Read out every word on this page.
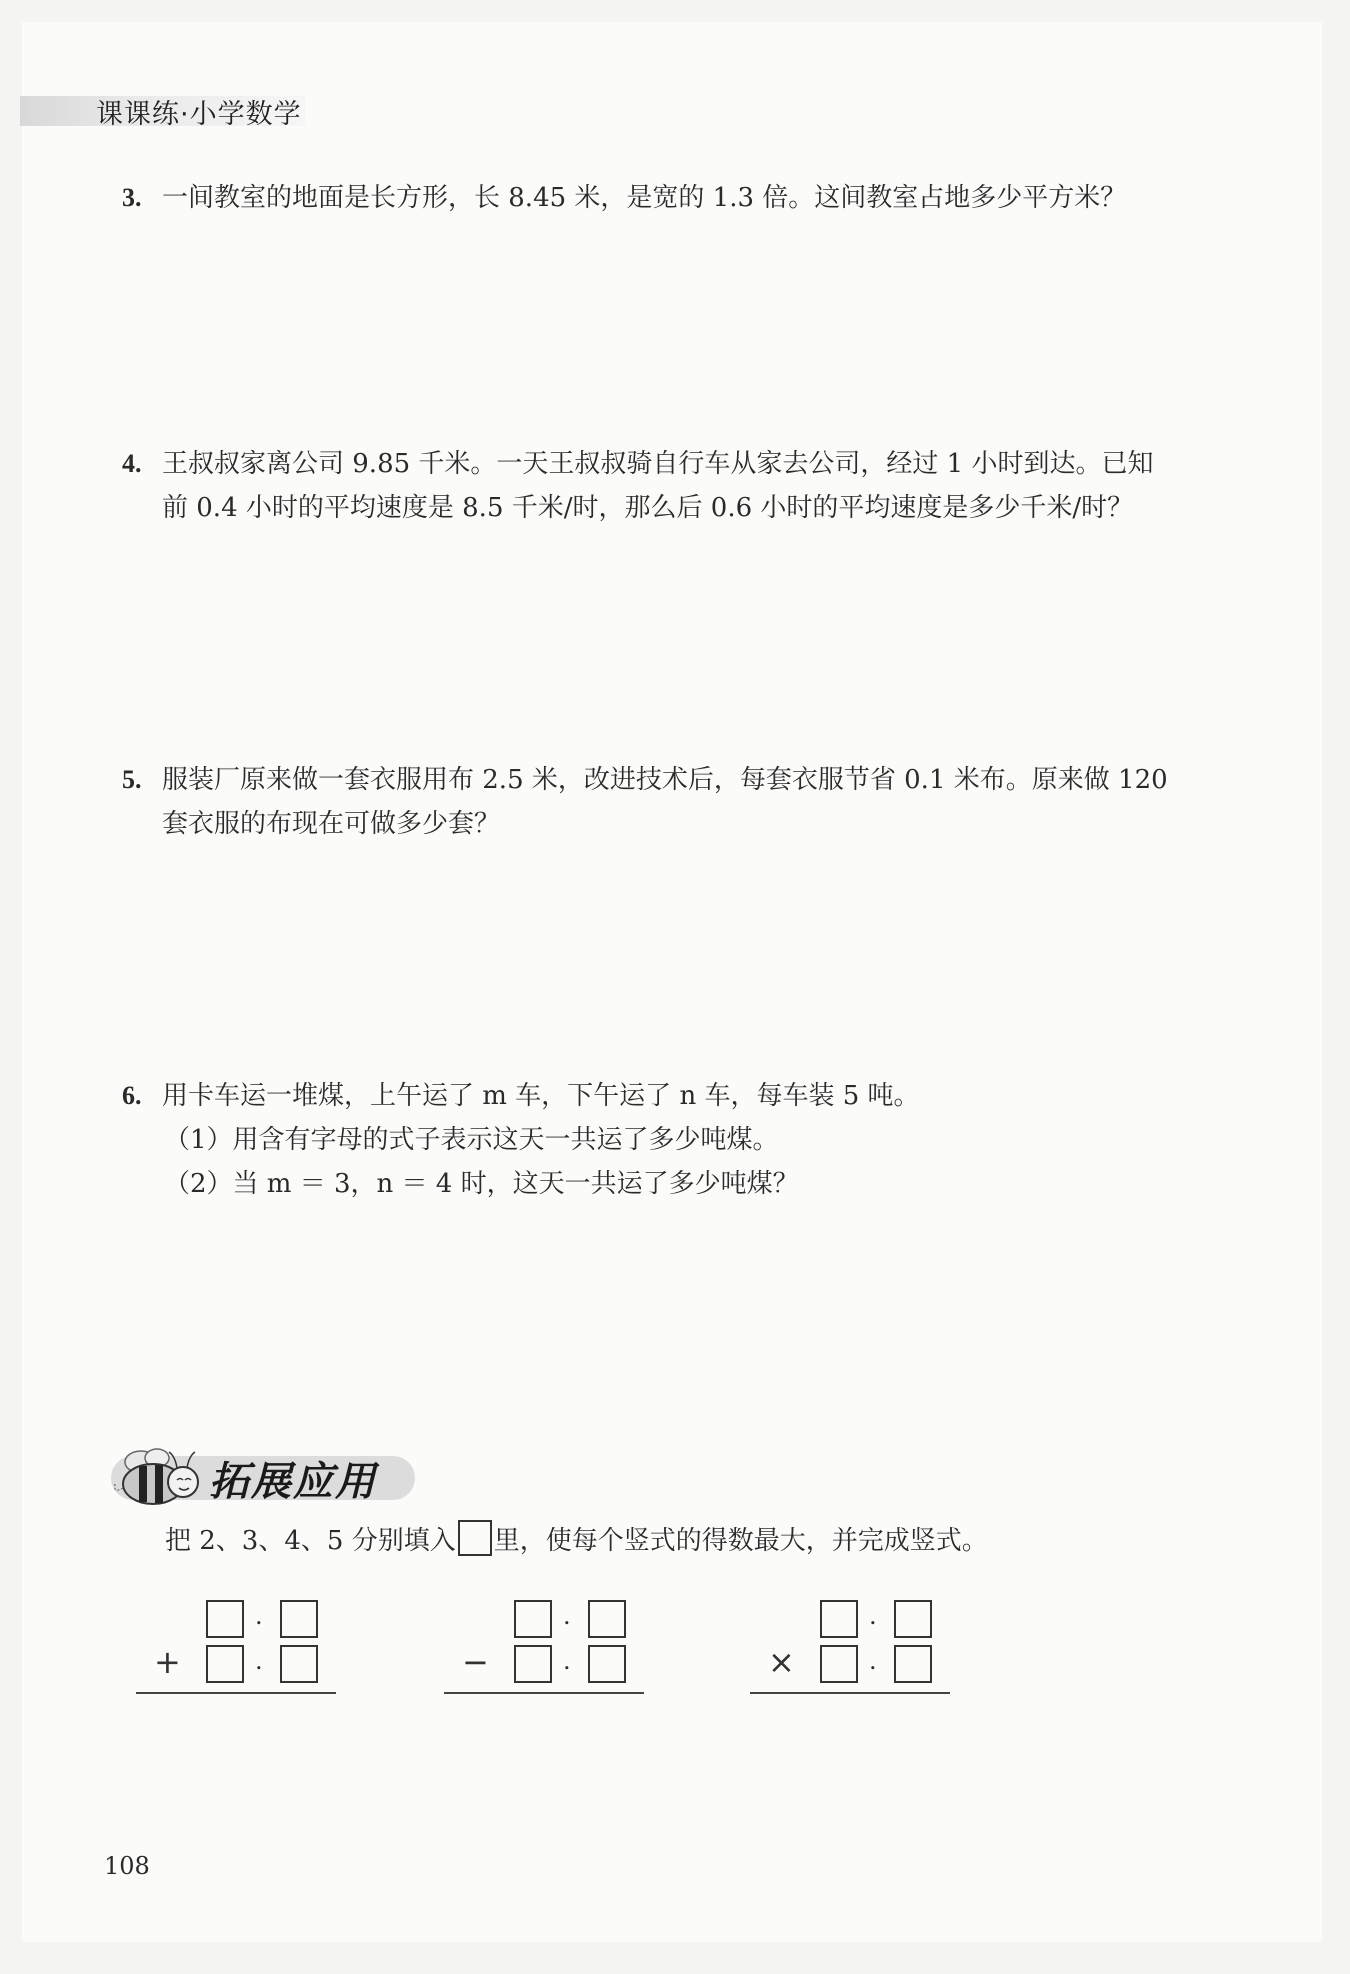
课课练·小学数学
3. 一间教室的地面是长方形，长 8.45 米，是宽的 1.3 倍。这间教室占地多少平方米？
4. 王叔叔家离公司 9.85 千米。一天王叔叔骑自行车从家去公司，经过 1 小时到达。已知
前 0.4 小时的平均速度是 8.5 千米/时，那么后 0.6 小时的平均速度是多少千米/时？
5. 服装厂原来做一套衣服用布 2.5 米，改进技术后，每套衣服节省 0.1 米布。原来做 120
套衣服的布现在可做多少套？
6. 用卡车运一堆煤，上午运了 m 车，下午运了 n 车，每车装 5 吨。
（1）用含有字母的式子表示这天一共运了多少吨煤。
（2）当 m ＝ 3，n ＝ 4 时，这天一共运了多少吨煤？
拓展应用
把 2、3、4、5 分别填入 里，使每个竖式的得数最大，并完成竖式。
.
+	.
.
−	.
.
×	.
108
